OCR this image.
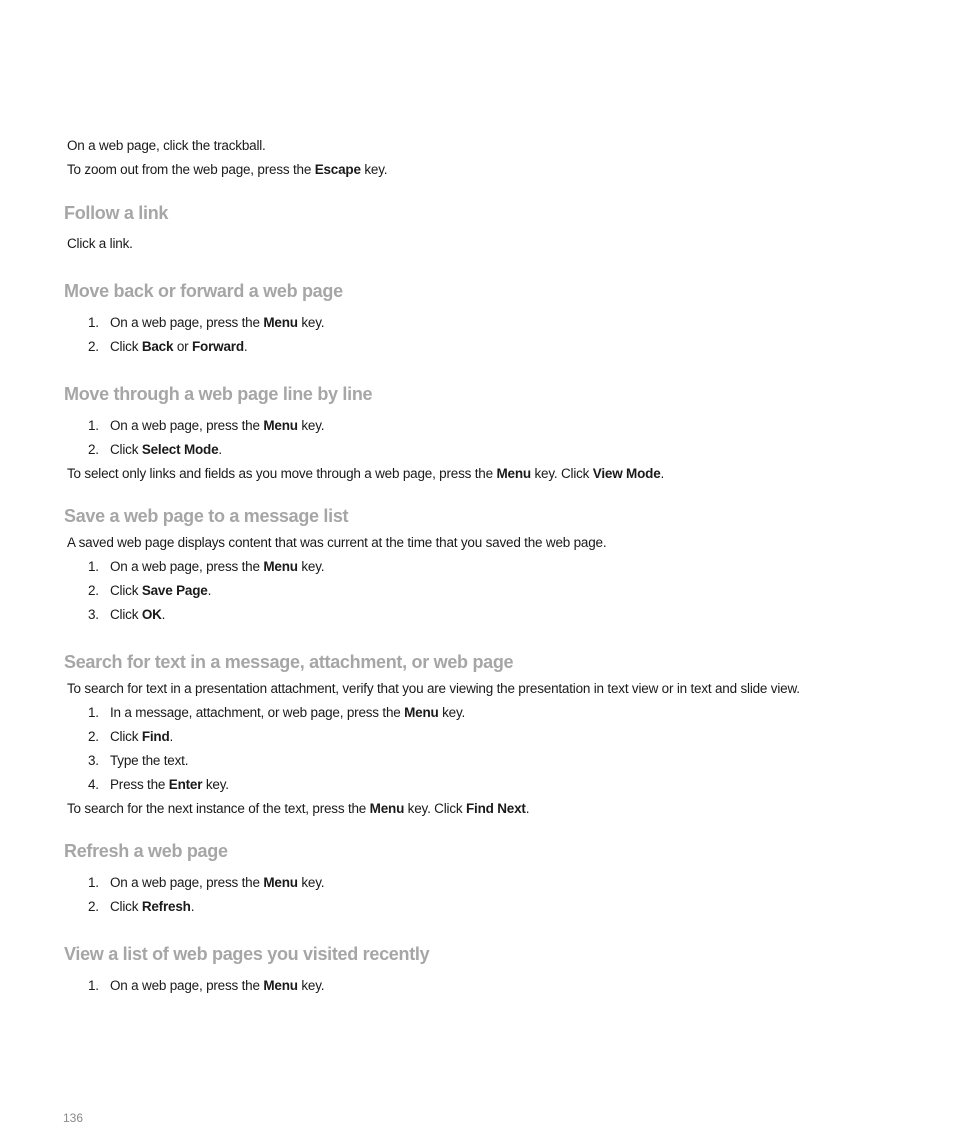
On a web page, click the trackball.
To zoom out from the web page, press the Escape key.
Follow a link
Click a link.
Move back or forward a web page
1. On a web page, press the Menu key.
2. Click Back or Forward.
Move through a web page line by line
1. On a web page, press the Menu key.
2. Click Select Mode.
To select only links and fields as you move through a web page, press the Menu key. Click View Mode.
Save a web page to a message list
A saved web page displays content that was current at the time that you saved the web page.
1. On a web page, press the Menu key.
2. Click Save Page.
3. Click OK.
Search for text in a message, attachment, or web page
To search for text in a presentation attachment, verify that you are viewing the presentation in text view or in text and slide view.
1. In a message, attachment, or web page, press the Menu key.
2. Click Find.
3. Type the text.
4. Press the Enter key.
To search for the next instance of the text, press the Menu key. Click Find Next.
Refresh a web page
1. On a web page, press the Menu key.
2. Click Refresh.
View a list of web pages you visited recently
1. On a web page, press the Menu key.
136
